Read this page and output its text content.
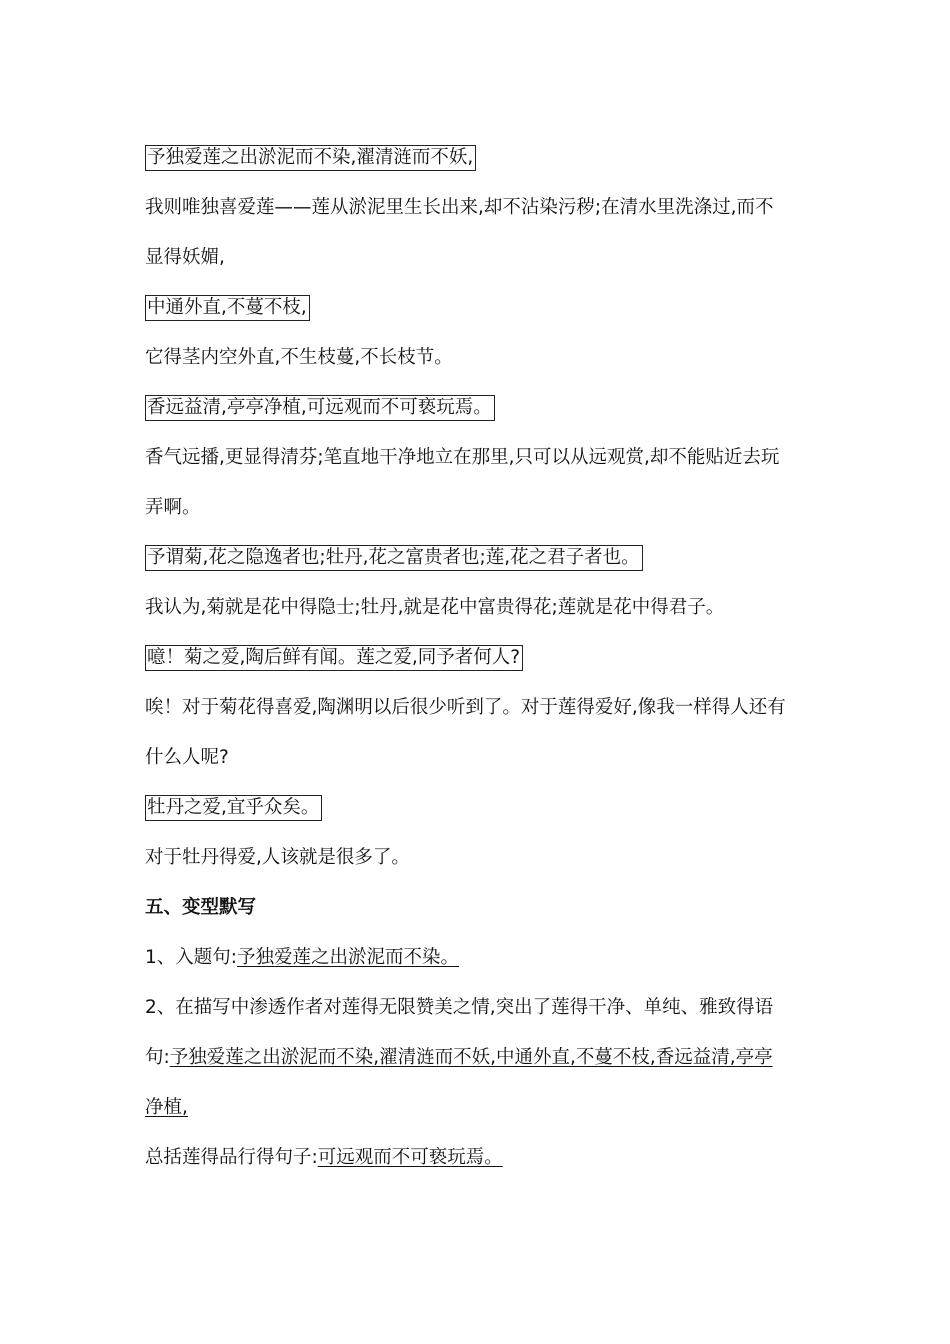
予独爱莲之出淤泥而不染,濯清涟而不妖,
我则唯独喜爱莲——莲从淤泥里生长出来,却不沾染污秽;在清水里洗涤过,而不
显得妖媚,
中通外直,不蔓不枝,
它得茎内空外直,不生枝蔓,不长枝节。
香远益清,亭亭净植,可远观而不可亵玩焉。
香气远播,更显得清芬;笔直地干净地立在那里,只可以从远观赏,却不能贴近去玩
弄啊。
予谓菊,花之隐逸者也;牡丹,花之富贵者也;莲,花之君子者也。
我认为,菊就是花中得隐士;牡丹,就是花中富贵得花;莲就是花中得君子。
噫！菊之爱,陶后鲜有闻。莲之爱,同予者何人?
唉！对于菊花得喜爱,陶渊明以后很少听到了。对于莲得爱好,像我一样得人还有
什么人呢?
牡丹之爱,宜乎众矣。
对于牡丹得爱,人该就是很多了。
五、变型默写
1、入题句:予独爱莲之出淤泥而不染。
2、在描写中渗透作者对莲得无限赞美之情,突出了莲得干净、单纯、雅致得语
句:予独爱莲之出淤泥而不染,濯清涟而不妖,中通外直,不蔓不枝,香远益清,亭亭
净植,
总括莲得品行得句子:可远观而不可亵玩焉。
